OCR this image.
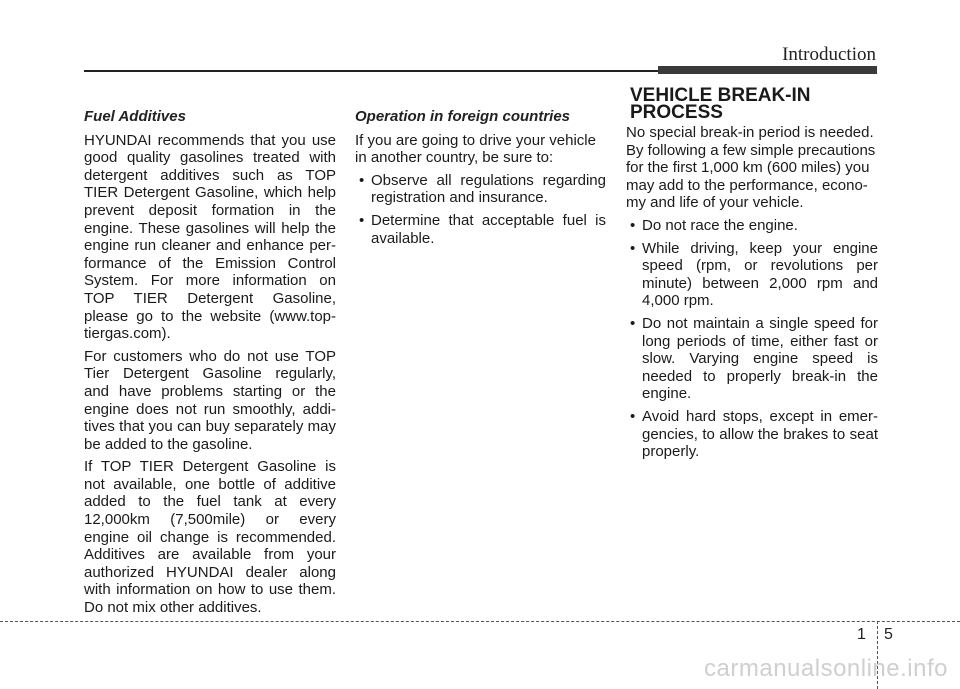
Introduction
Fuel Additives

HYUNDAI recommends that you use good quality gasolines treated with detergent additives such as TOP TIER Detergent Gasoline, which help prevent deposit formation in the engine. These gasolines will help the engine run cleaner and enhance per-formance of the Emission Control System. For more information on TOP TIER Detergent Gasoline, please go to the website (www.top-tiergas.com).

For customers who do not use TOP Tier Detergent Gasoline regularly, and have problems starting or the engine does not run smoothly, addi-tives that you can buy separately may be added to the gasoline.

If TOP TIER Detergent Gasoline is not available, one bottle of additive added to the fuel tank at every 12,000km (7,500mile) or every engine oil change is recommended. Additives are available from your authorized HYUNDAI dealer along with information on how to use them. Do not mix other additives.

Operation in foreign countries

If you are going to drive your vehicle in another country, be sure to:

• Observe all regulations regarding registration and insurance.
• Determine that acceptable fuel is available.
VEHICLE BREAK-IN PROCESS

No special break-in period is needed. By following a few simple precautions for the first 1,000 km (600 miles) you may add to the performance, econo-my and life of your vehicle.

• Do not race the engine.
• While driving, keep your engine speed (rpm, or revolutions per minute) between 2,000 rpm and 4,000 rpm.
• Do not maintain a single speed for long periods of time, either fast or slow. Varying engine speed is needed to properly break-in the engine.
• Avoid hard stops, except in emer-gencies, to allow the brakes to seat properly.
1 5
carmanualsonline.info
